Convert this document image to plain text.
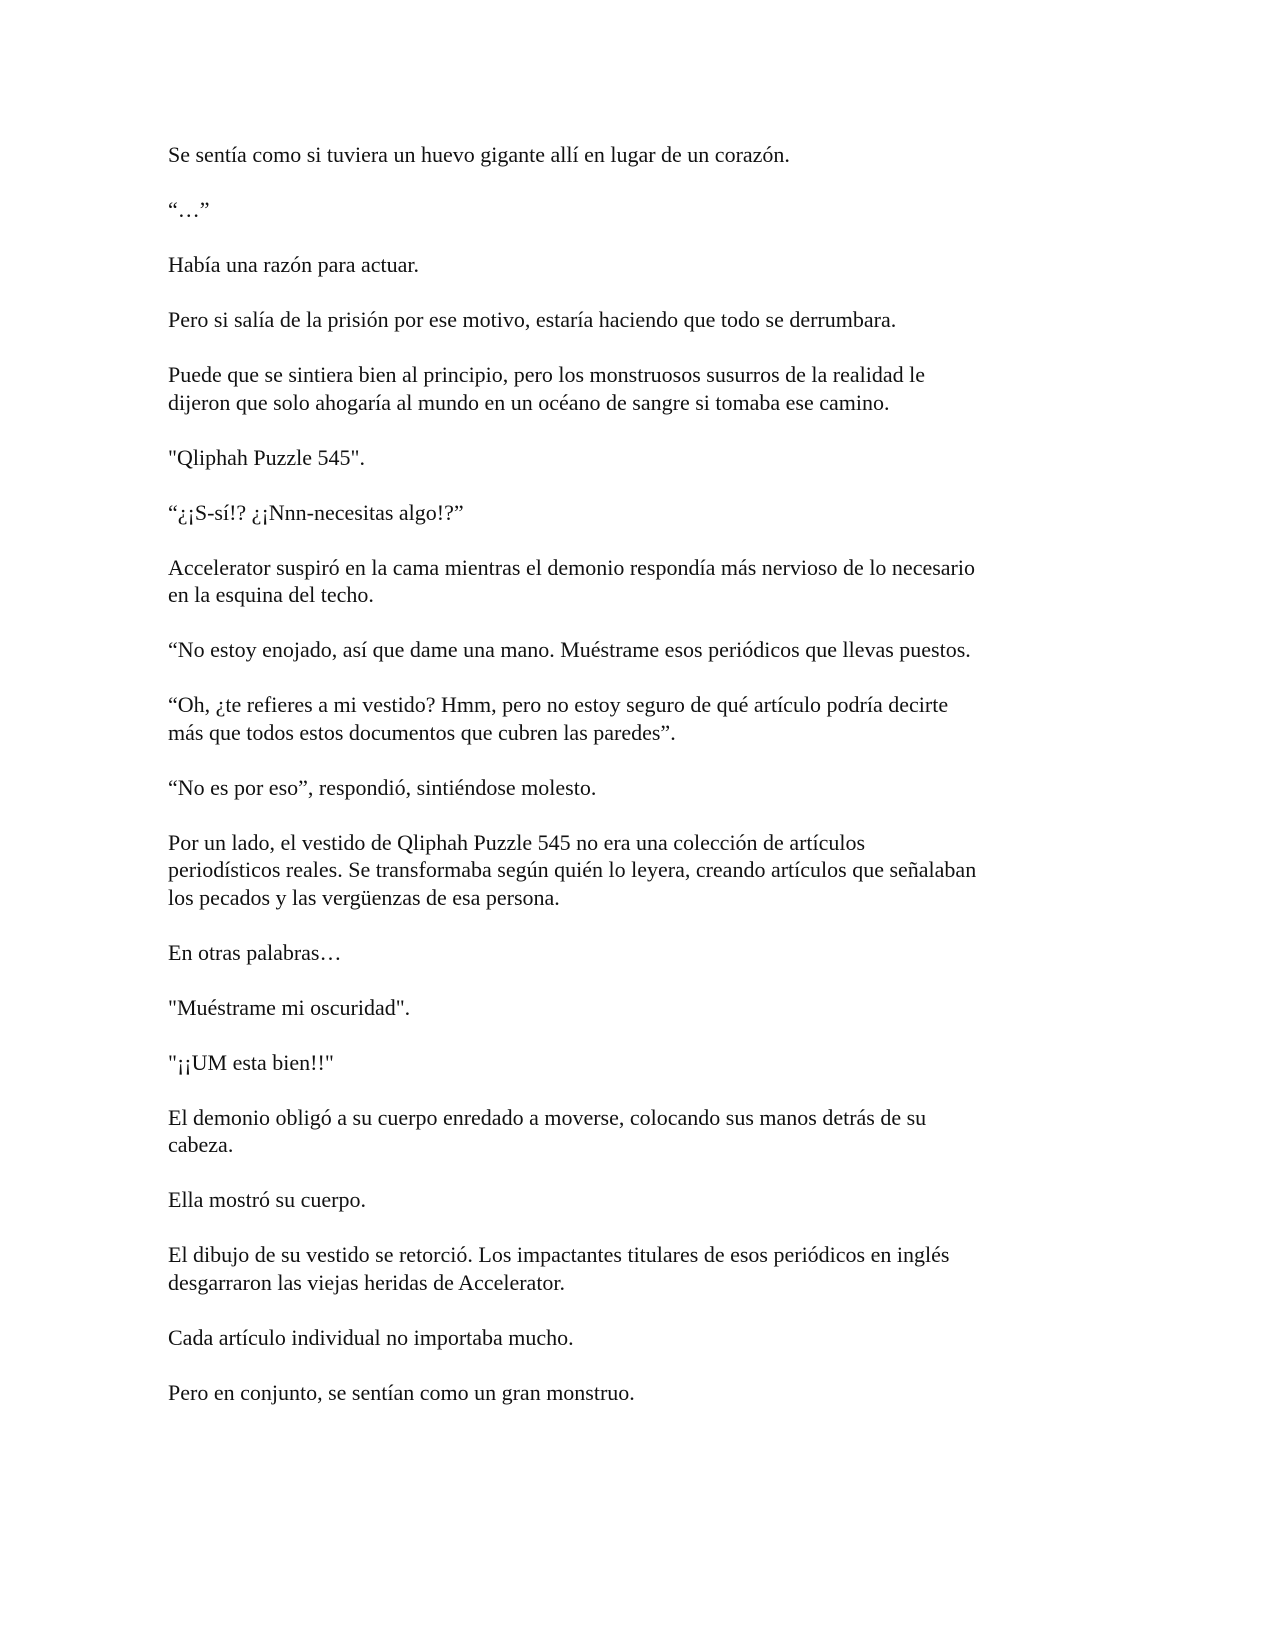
Se sentía como si tuviera un huevo gigante allí en lugar de un corazón.

“…”

Había una razón para actuar.

Pero si salía de la prisión por ese motivo, estaría haciendo que todo se derrumbara.

Puede que se sintiera bien al principio, pero los monstruosos susurros de la realidad le
dijeron que solo ahogaría al mundo en un océano de sangre si tomaba ese camino.

"Qliphah Puzzle 545".

“¿¡S-sí!? ¿¡Nnn-necesitas algo!?”

Accelerator suspiró en la cama mientras el demonio respondía más nervioso de lo necesario
en la esquina del techo.

“No estoy enojado, así que dame una mano. Muéstrame esos periódicos que llevas puestos.

“Oh, ¿te refieres a mi vestido? Hmm, pero no estoy seguro de qué artículo podría decirte
más que todos estos documentos que cubren las paredes”.

“No es por eso”, respondió, sintiéndose molesto.

Por un lado, el vestido de Qliphah Puzzle 545 no era una colección de artículos
periodísticos reales. Se transformaba según quién lo leyera, creando artículos que señalaban
los pecados y las vergüenzas de esa persona.

En otras palabras…

"Muéstrame mi oscuridad".

"¡¡UM esta bien!!"

El demonio obligó a su cuerpo enredado a moverse, colocando sus manos detrás de su
cabeza.

Ella mostró su cuerpo.

El dibujo de su vestido se retorció. Los impactantes titulares de esos periódicos en inglés
desgarraron las viejas heridas de Accelerator.

Cada artículo individual no importaba mucho.

Pero en conjunto, se sentían como un gran monstruo.
